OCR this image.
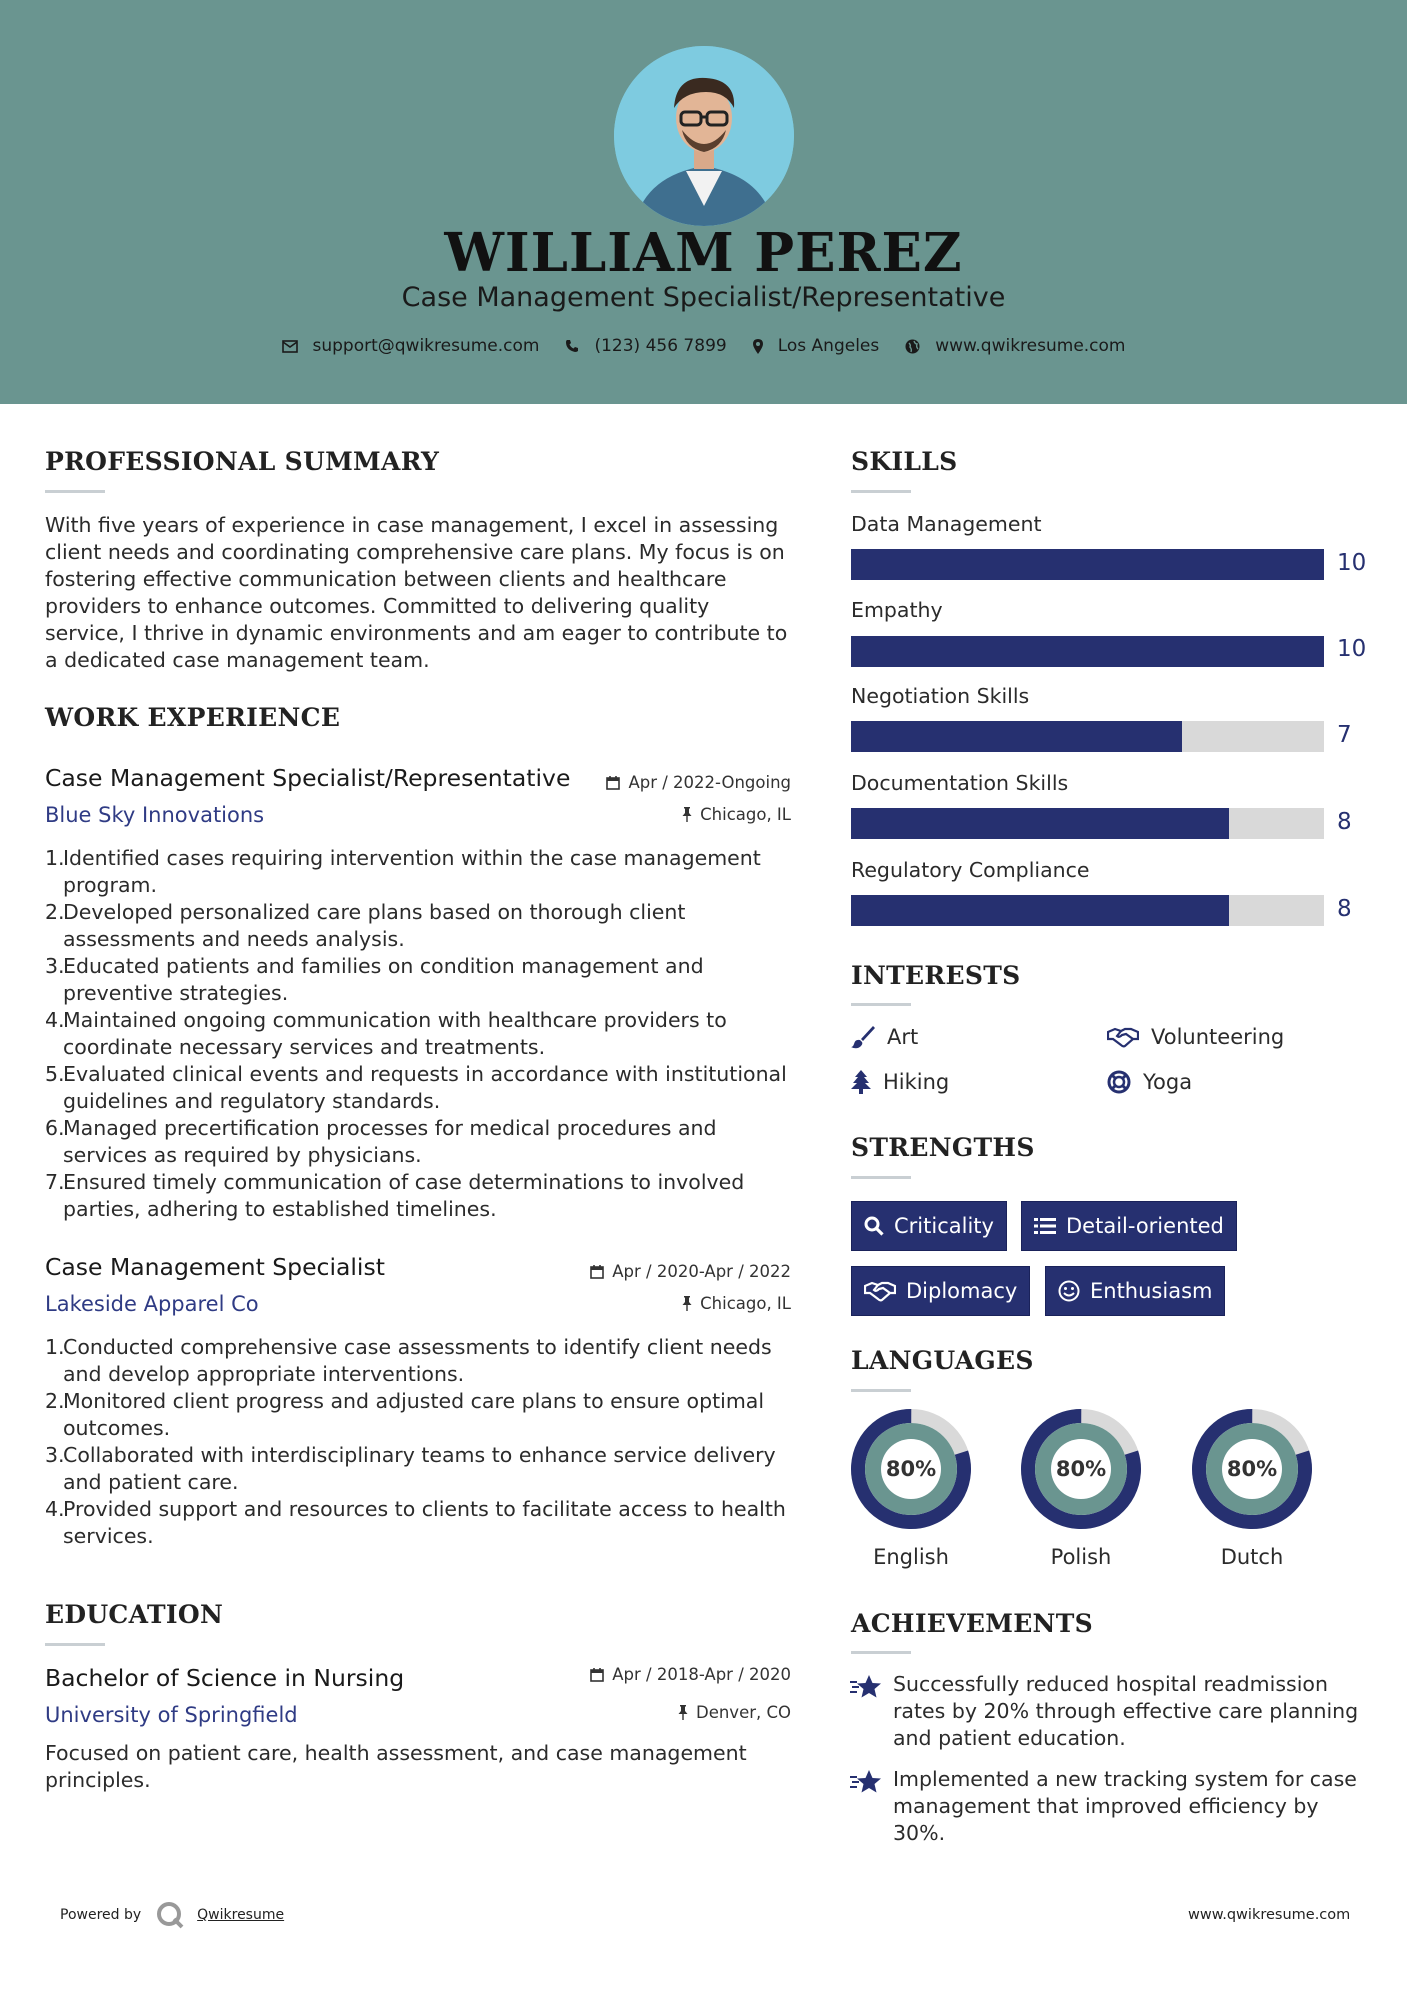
WILLIAM PEREZ
Case Management Specialist/Representative
support@qwikresume.com	(123) 456 7899	Los Angeles	www.qwikresume.com
PROFESSIONAL SUMMARY
With five years of experience in case management, I excel in assessing client needs and coordinating comprehensive care plans. My focus is on fostering effective communication between clients and healthcare providers to enhance outcomes. Committed to delivering quality service, I thrive in dynamic environments and am eager to contribute to a dedicated case management team.
WORK EXPERIENCE
Case Management Specialist/Representative	Apr / 2022-Ongoing
Blue Sky Innovations	Chicago, IL
1.
Identified cases requiring intervention within the case management program.
2.
Developed personalized care plans based on thorough client assessments and needs analysis.
3.
Educated patients and families on condition management and preventive strategies.
4.
Maintained ongoing communication with healthcare providers to coordinate necessary services and treatments.
5.
Evaluated clinical events and requests in accordance with institutional guidelines and regulatory standards.
6.
Managed precertification processes for medical procedures and services as required by physicians.
7.
Ensured timely communication of case determinations to involved parties, adhering to established timelines.
Case Management Specialist	Apr / 2020-Apr / 2022
Lakeside Apparel Co	Chicago, IL
1.
Conducted comprehensive case assessments to identify client needs and develop appropriate interventions.
2.
Monitored client progress and adjusted care plans to ensure optimal outcomes.
3.
Collaborated with interdisciplinary teams to enhance service delivery and patient care.
4.
Provided support and resources to clients to facilitate access to health services.
EDUCATION
Bachelor of Science in Nursing	Apr / 2018-Apr / 2020
University of Springfield	Denver, CO
Focused on patient care, health assessment, and case management principles.
SKILLS
Data Management
10
Empathy
10
Negotiation Skills
7
Documentation Skills
8
Regulatory Compliance
8
INTERESTS
Art	Volunteering
Hiking	Yoga
STRENGTHS
Criticality	Detail-oriented
Diplomacy	Enthusiasm
LANGUAGES
80%
English
80%
Polish
80%
Dutch
ACHIEVEMENTS
Successfully reduced hospital readmission rates by 20% through effective care planning and patient education.
Implemented a new tracking system for case management that improved efficiency by 30%.
Powered by	Qwikresume	www.qwikresume.com
